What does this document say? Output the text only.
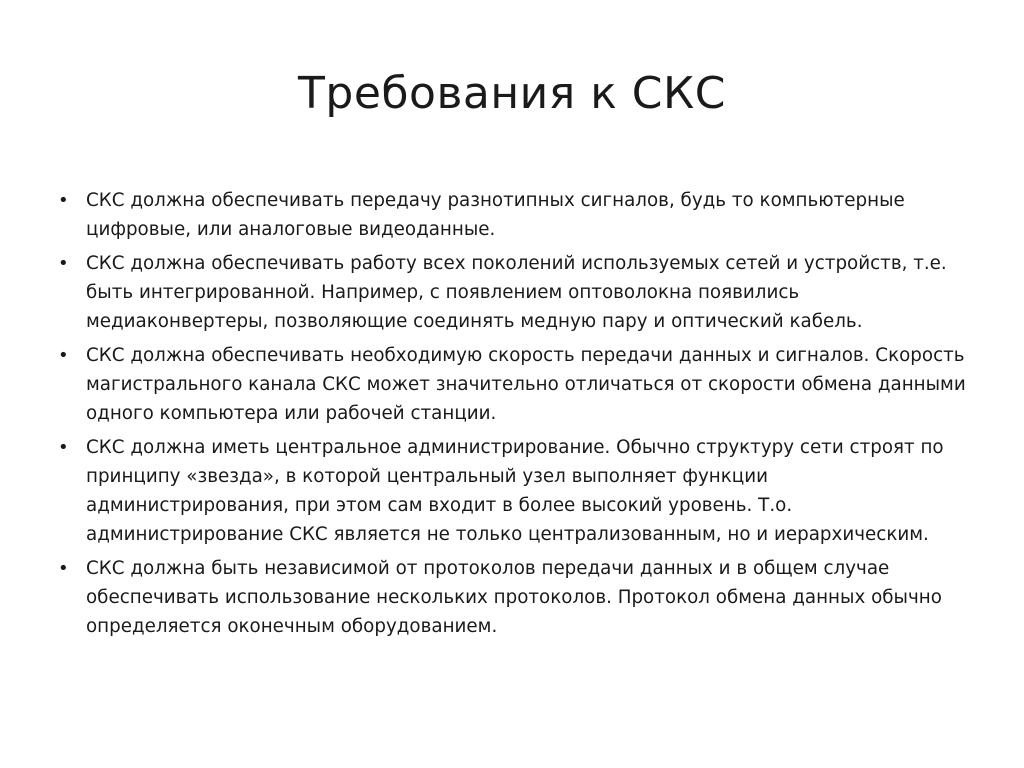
Требования к СКС
• СКС должна обеспечивать передачу разнотипных сигналов, будь то компьютерные цифровые, или аналоговые видеоданные.
• СКС должна обеспечивать работу всех поколений используемых сетей и устройств, т.е. быть интегрированной. Например, с появлением оптоволокна появились медиаконвертеры, позволяющие соединять медную пару и оптический кабель.
• СКС должна обеспечивать необходимую скорость передачи данных и сигналов. Скорость магистрального канала СКС может значительно отличаться от скорости обмена данными одного компьютера или рабочей станции.
• СКС должна иметь центральное администрирование. Обычно структуру сети строят по принципу «звезда», в которой центральный узел выполняет функции администрирования, при этом сам входит в более высокий уровень. Т.о. администрирование СКС является не только централизованным, но и иерархическим.
• СКС должна быть независимой от протоколов передачи данных и в общем случае обеспечивать использование нескольких протоколов. Протокол обмена данных обычно определяется оконечным оборудованием.
